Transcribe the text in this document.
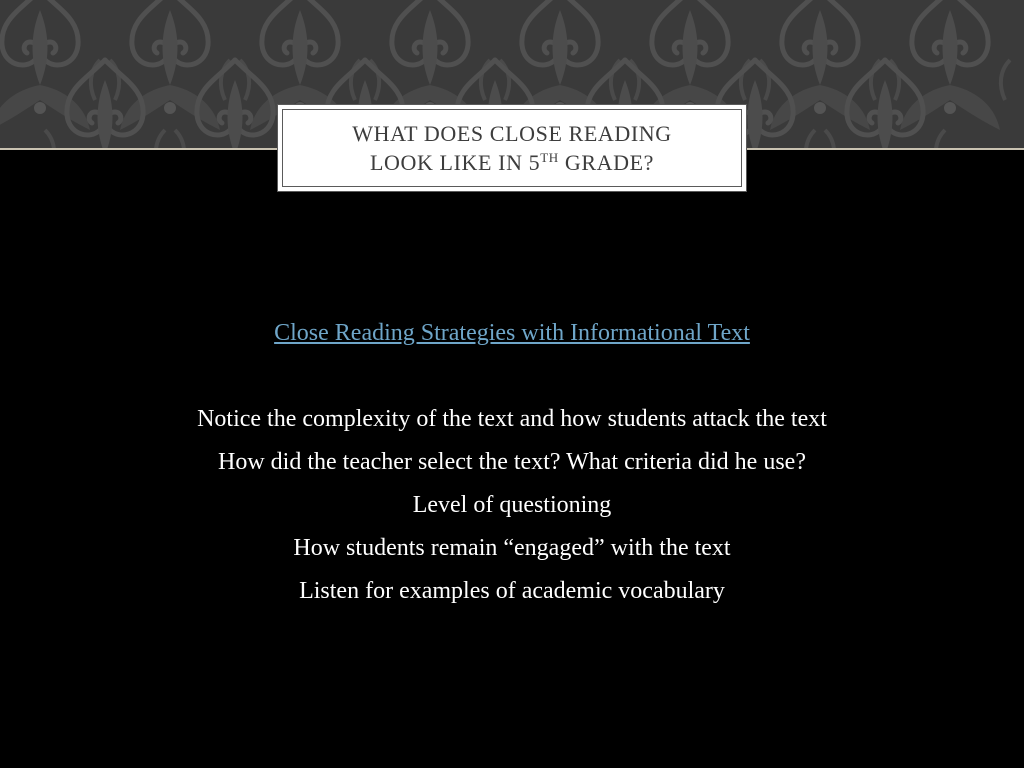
WHAT DOES CLOSE READING
LOOK LIKE IN 5TH GRADE?
Close Reading Strategies with Informational Text
Notice the complexity of the text and how students attack the text
How did the teacher select the text? What criteria did he use?
Level of questioning
How students remain “engaged” with the text
Listen for examples of academic vocabulary
